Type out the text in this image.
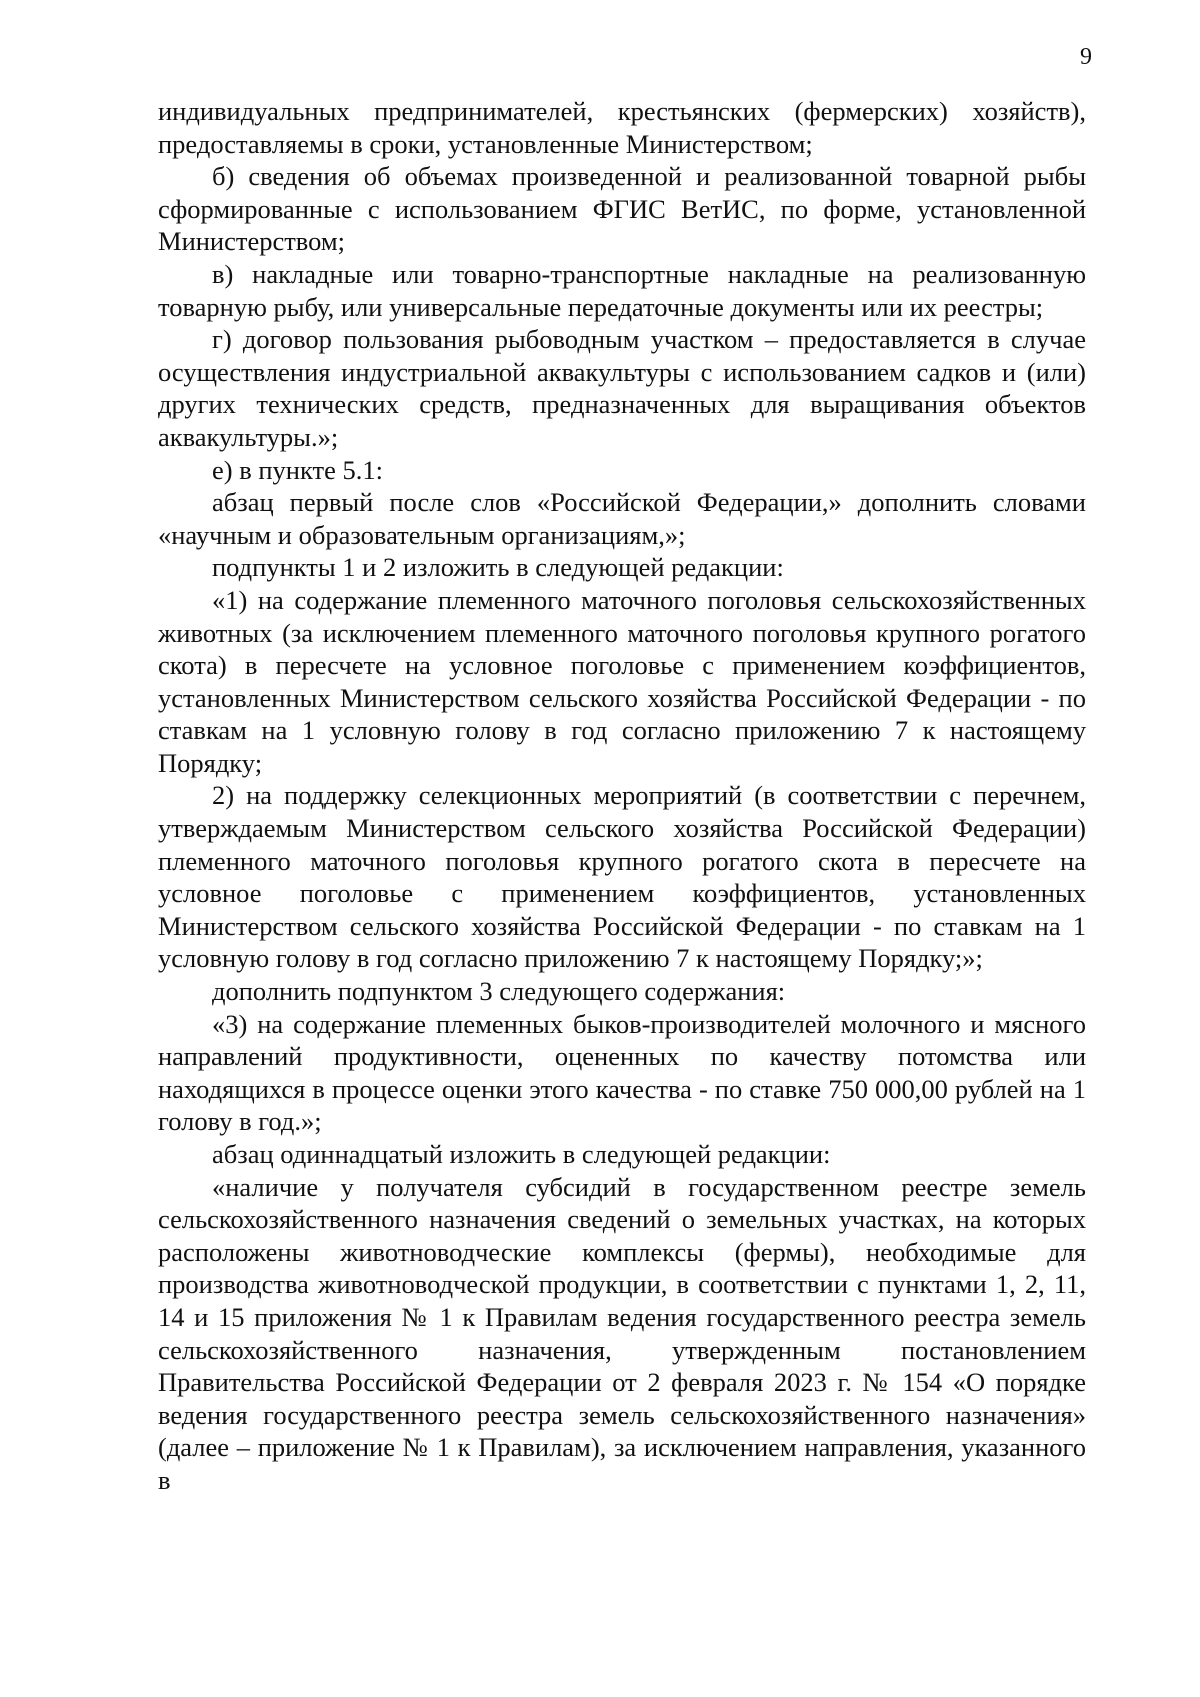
9

индивидуальных предпринимателей, крестьянских (фермерских) хозяйств), предоставляемы в сроки, установленные Министерством;

б) сведения об объемах произведенной и реализованной товарной рыбы сформированные с использованием ФГИС ВетИС, по форме, установленной Министерством;

в) накладные или товарно-транспортные накладные на реализованную товарную рыбу, или универсальные передаточные документы или их реестры;

г) договор пользования рыбоводным участком – предоставляется в случае осуществления индустриальной аквакультуры с использованием садков и (или) других технических средств, предназначенных для выращивания объектов аквакультуры.»;

е) в пункте 5.1:

абзац первый после слов «Российской Федерации,» дополнить словами «научным и образовательным организациям,»;

подпункты 1 и 2 изложить в следующей редакции:

«1) на содержание племенного маточного поголовья сельскохозяйственных животных (за исключением племенного маточного поголовья крупного рогатого скота) в пересчете на условное поголовье с применением коэффициентов, установленных Министерством сельского хозяйства Российской Федерации - по ставкам на 1 условную голову в год согласно приложению 7 к настоящему Порядку;

2) на поддержку селекционных мероприятий (в соответствии с перечнем, утверждаемым Министерством сельского хозяйства Российской Федерации) племенного маточного поголовья крупного рогатого скота в пересчете на условное поголовье с применением коэффициентов, установленных Министерством сельского хозяйства Российской Федерации - по ставкам на 1 условную голову в год согласно приложению 7 к настоящему Порядку;»;

дополнить подпунктом 3 следующего содержания:

«3) на содержание племенных быков-производителей молочного и мясного направлений продуктивности, оцененных по качеству потомства или находящихся в процессе оценки этого качества - по ставке 750 000,00 рублей на 1 голову в год.»;

абзац одиннадцатый изложить в следующей редакции:

«наличие у получателя субсидий в государственном реестре земель сельскохозяйственного назначения сведений о земельных участках, на которых расположены животноводческие комплексы (фермы), необходимые для производства животноводческой продукции, в соответствии с пунктами 1, 2, 11, 14 и 15 приложения № 1 к Правилам ведения государственного реестра земель сельскохозяйственного назначения, утвержденным постановлением Правительства Российской Федерации от 2 февраля 2023 г. № 154 «О порядке ведения государственного реестра земель сельскохозяйственного назначения» (далее – приложение № 1 к Правилам), за исключением направления, указанного в
